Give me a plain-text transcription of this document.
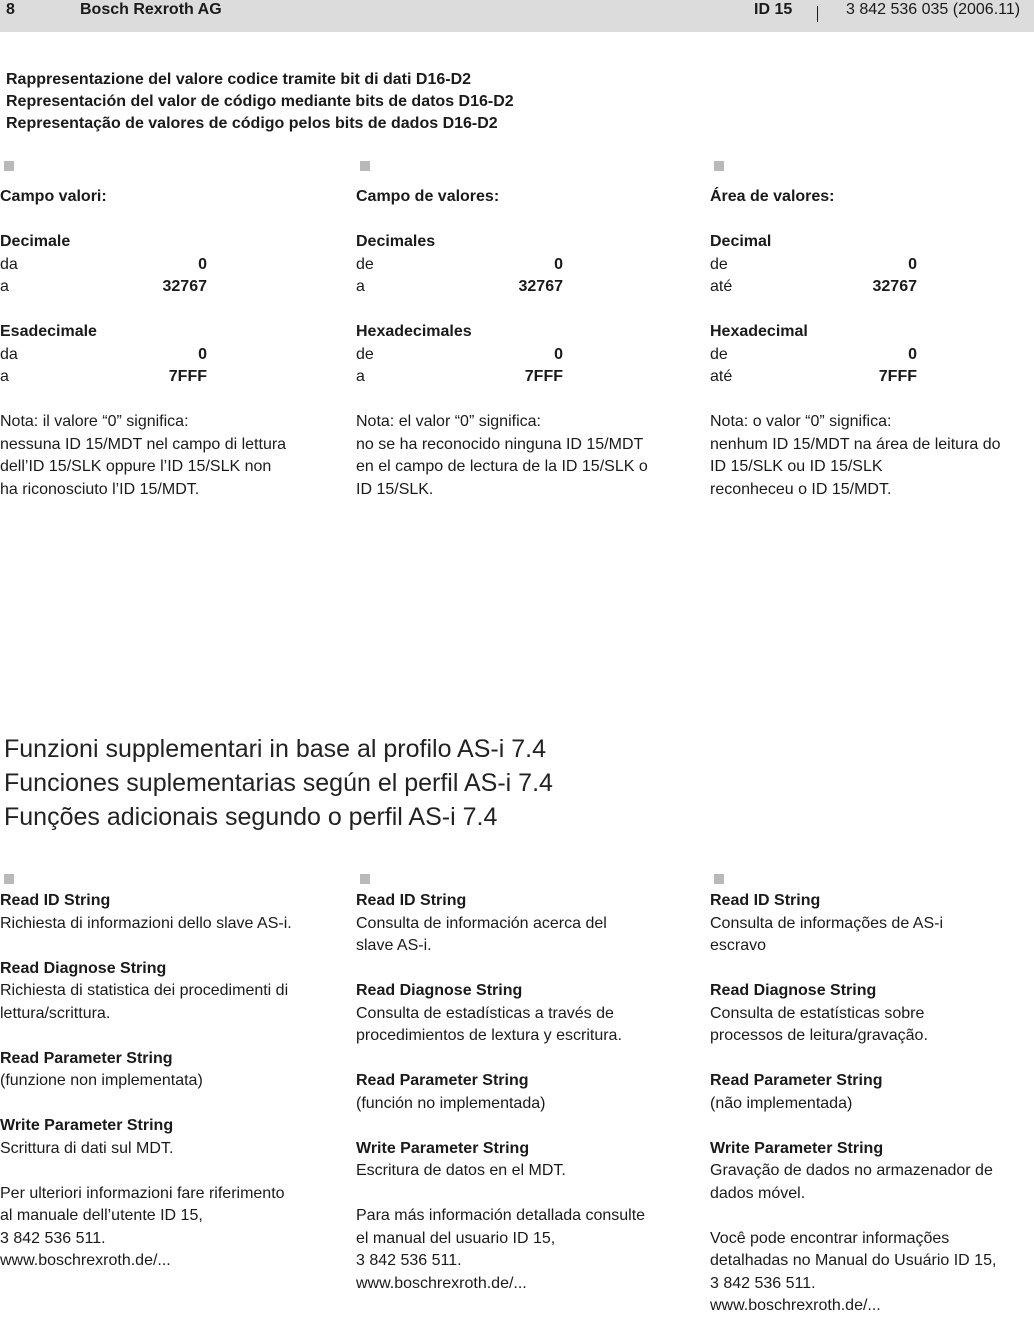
8	Bosch Rexroth AG	ID 15	3 842 536 035 (2006.11)
Rappresentazione del valore codice tramite bit di dati D16-D2
Representación del valor de código mediante bits de datos D16-D2
Representação de valores de código pelos bits de dados D16-D2
Campo valori:
Decimale
da	0
a	32767
Esadecimale
da	0
a	7FFF
Nota: il valore “0” significa:
nessuna ID 15/MDT nel campo di lettura
dell’ID 15/SLK oppure l’ID 15/SLK non
ha riconosciuto l’ID 15/MDT.
Campo de valores:
Decimales
de	0
a	32767
Hexadecimales
de	0
a	7FFF
Nota: el valor “0” significa:
no se ha reconocido ninguna ID 15/MDT
en el campo de lectura de la ID 15/SLK o
ID 15/SLK.
Área de valores:
Decimal
de	0
até	32767
Hexadecimal
de	0
até	7FFF
Nota: o valor “0” significa:
nenhum ID 15/MDT na área de leitura do
ID 15/SLK ou ID 15/SLK
reconheceu o ID 15/MDT.
Funzioni supplementari in base al profilo AS-i 7.4
Funciones suplementarias según el perfil AS-i 7.4
Funções adicionais segundo o perfil AS-i 7.4
Read ID String
Richiesta di informazioni dello slave AS-i.
Read Diagnose String
Richiesta di statistica dei procedimenti di
lettura/scrittura.
Read Parameter String
(funzione non implementata)
Write Parameter String
Scrittura di dati sul MDT.
Per ulteriori informazioni fare riferimento
al manuale dell’utente ID 15,
3 842 536 511.
www.boschrexroth.de/...
Read ID String
Consulta de información acerca del
slave AS-i.
Read Diagnose String
Consulta de estadísticas a través de
procedimientos de lextura y escritura.
Read Parameter String
(función no implementada)
Write Parameter String
Escritura de datos en el MDT.
Para más información detallada consulte
el manual del usuario ID 15,
3 842 536 511.
www.boschrexroth.de/...
Read ID String
Consulta de informações de AS-i
escravo
Read Diagnose String
Consulta de estatísticas sobre
processos de leitura/gravação.
Read Parameter String
(não implementada)
Write Parameter String
Gravação de dados no armazenador de
dados móvel.
Você pode encontrar informações
detalhadas no Manual do Usuário ID 15,
3 842 536 511.
www.boschrexroth.de/...
